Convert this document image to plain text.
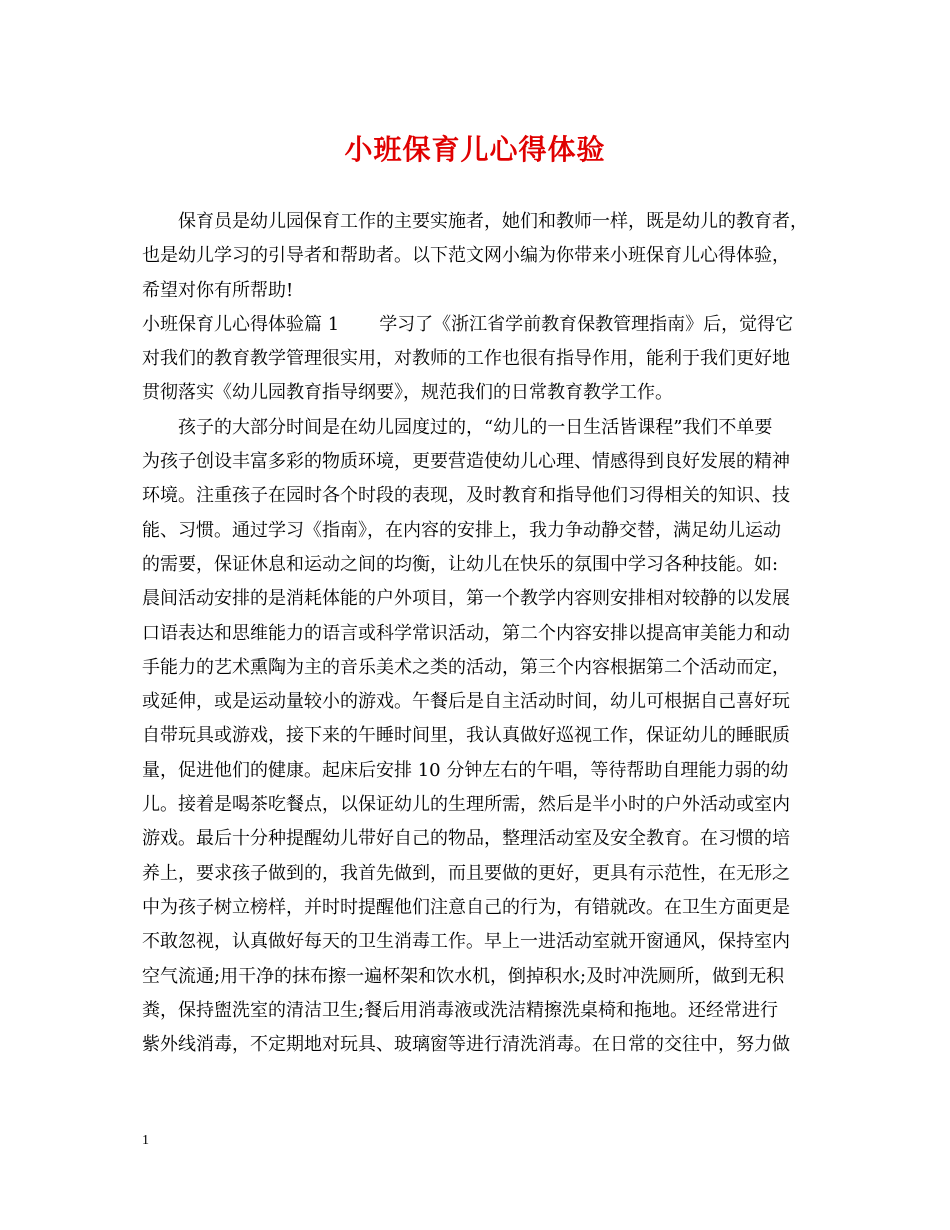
小班保育儿心得体验
保育员是幼儿园保育工作的主要实施者，她们和教师一样，既是幼儿的教育者，
也是幼儿学习的引导者和帮助者。以下范文网小编为你带来小班保育儿心得体验，
希望对你有所帮助!
小班保育儿心得体验篇 1 学习了《浙江省学前教育保教管理指南》后，觉得它
对我们的教育教学管理很实用，对教师的工作也很有指导作用，能利于我们更好地
贯彻落实《幼儿园教育指导纲要》，规范我们的日常教育教学工作。
孩子的大部分时间是在幼儿园度过的，“幼儿的一日生活皆课程”我们不单要
为孩子创设丰富多彩的物质环境，更要营造使幼儿心理、情感得到良好发展的精神
环境。注重孩子在园时各个时段的表现，及时教育和指导他们习得相关的知识、技
能、习惯。通过学习《指南》，在内容的安排上，我力争动静交替，满足幼儿运动
的需要，保证休息和运动之间的均衡，让幼儿在快乐的氛围中学习各种技能。如:
晨间活动安排的是消耗体能的户外项目，第一个教学内容则安排相对较静的以发展
口语表达和思维能力的语言或科学常识活动，第二个内容安排以提高审美能力和动
手能力的艺术熏陶为主的音乐美术之类的活动，第三个内容根据第二个活动而定，
或延伸，或是运动量较小的游戏。午餐后是自主活动时间，幼儿可根据自己喜好玩
自带玩具或游戏，接下来的午睡时间里，我认真做好巡视工作，保证幼儿的睡眠质
量，促进他们的健康。起床后安排 10 分钟左右的午唱，等待帮助自理能力弱的幼
儿。接着是喝茶吃餐点，以保证幼儿的生理所需，然后是半小时的户外活动或室内
游戏。最后十分种提醒幼儿带好自己的物品，整理活动室及安全教育。在习惯的培
养上，要求孩子做到的，我首先做到，而且要做的更好，更具有示范性，在无形之
中为孩子树立榜样，并时时提醒他们注意自己的行为，有错就改。在卫生方面更是
不敢忽视，认真做好每天的卫生消毒工作。早上一进活动室就开窗通风，保持室内
空气流通;用干净的抹布擦一遍杯架和饮水机，倒掉积水;及时冲洗厕所，做到无积
粪，保持盥洗室的清洁卫生;餐后用消毒液或洗洁精擦洗桌椅和拖地。还经常进行
紫外线消毒，不定期地对玩具、玻璃窗等进行清洗消毒。在日常的交往中，努力做
1
